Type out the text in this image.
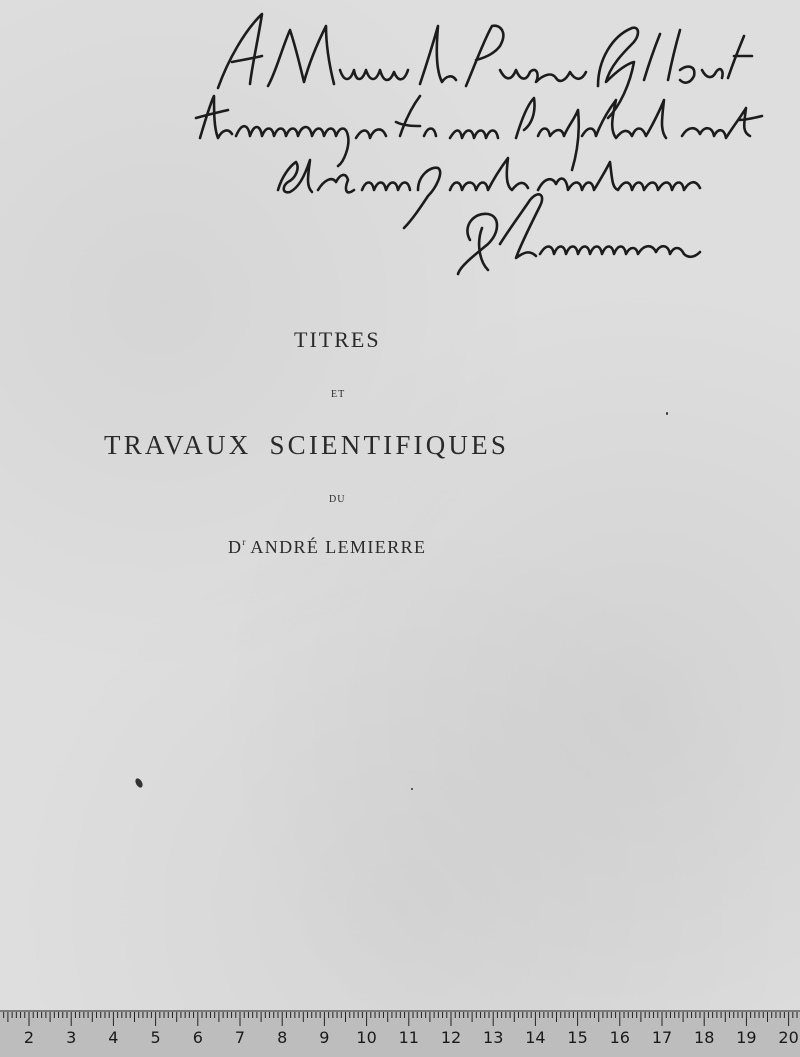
TITRES
ET
TRAVAUX SCIENTIFIQUES
DU
$D^r$ ANDRÉ LEMIERRE
2 3 4 5 6 7 8 9 10 11 12 13 14 15 16 17 18 19 20
